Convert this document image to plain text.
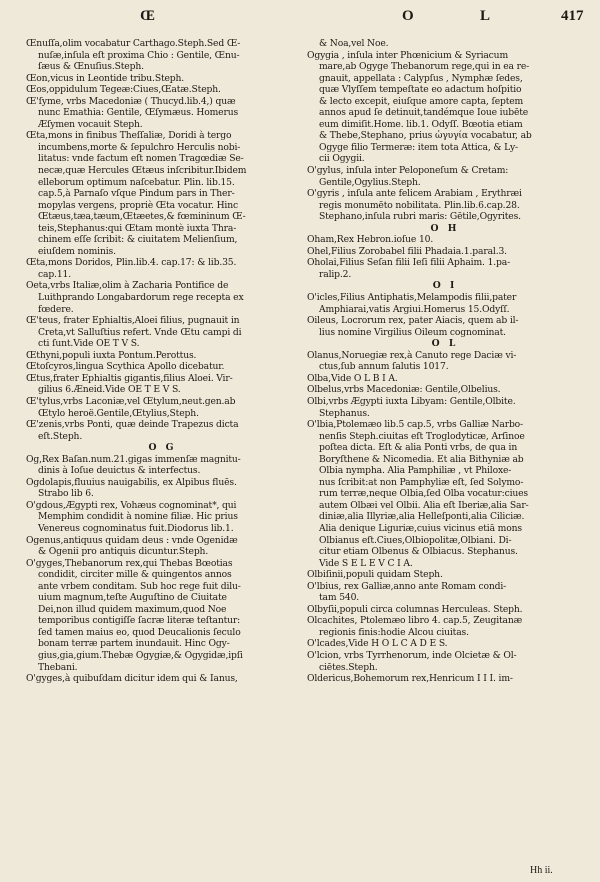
Œ	O	L	417
Œnuſſa,olim vocabatur Carthago.Steph.Sed Œ-
nuſæ,inſula eſt proxima Chio : Gentile, Œnu-
ſæus & Œnuſius.Steph.
Œon,vicus in Leontide tribu.Steph.
Œos,oppidulum Tegeæ:Ciues,Œatæ.Steph.
Œ'ſyme, vrbs Macedoniæ ( Thucyd.lib.4,) quæ
nunc Emathia: Gentile, Œſymæus. Homerus
Æſymen vocauit Steph.
Œta,mons in finibus Theſſaliæ, Doridi à tergo
incumbens,morte & ſepulchro Herculis nobi-
litatus: vnde factum eſt nomen Tragœdiæ Se-
necæ,quæ Hercules Œtæus inſcribitur.Ibidem
elleborum optimum naſcebatur. Plin. lib.15.
cap.5,à Parnaſo vſque Pindum pars in Ther-
mopylas vergens, propriè Œta vocatur. Hinc
Œtæus,tæa,tæum,Œtæetes,& fœmininum Œ-
teis,Stephanus:qui Œtam montè iuxta Thra-
chinem eſſe ſcribit: & ciuitatem Melienſium,
eiuſdem nominis.
Œta,mons Doridos, Plin.lib.4. cap.17: & lib.35.
cap.11.
Oeta,vrbs Italiæ,olim à Zacharia Pontifice de
Luithprando Longabardorum rege recepta ex
fœdere.
Œ'teus, frater Ephialtis,Aloei filius, pugnauit in
Creta,vt Salluſtius refert. Vnde Œtu campi di
cti ſunt.Vide OE T V S.
Œthyni,populi iuxta Pontum.Perottus.
Œtoſcyros,lingua Scythica Apollo dicebatur.
Œtus,frater Ephialtis gigantis,filius Aloei. Vir-
gilius 6.Æneid.Vide OE T E V S.
Œ'tylus,vrbs Laconiæ,vel Œtylum,neut.gen.ab
Œtylo heroë.Gentile,Œtylius,Steph.
Œ'zenis,vrbs Ponti, quæ deinde Trapezus dicta
eſt.Steph.
O G
Og,Rex Baſan.num.21.gigas immenſæ magnitu-
dinis à Ioſue deuictus & interfectus.
Ogdolapis,fluuius nauigabilis, ex Alpibus fluēs.
Strabo lib 6.
O'gdous,Ægypti rex, Vohæus cognominat*, qui
Memphim condidit à nomine filiæ. Hic prius
Venereus cognominatus fuit.Diodorus lib.1.
Ogenus,antiquus quidam deus : vnde Ogenidæ
& Ogenii pro antiquis dicuntur.Steph.
O'gyges,Thebanorum rex,qui Thebas Bœotias
condidit, circiter mille & quingentos annos
ante vrbem conditam. Sub hoc rege fuit dilu-
uium magnum,teſte Auguſtino de Ciuitate
Dei,non illud quidem maximum,quod Noe
temporibus contigiſſe ſacræ literæ teſtantur:
ſed tamen maius eo, quod Deucalionis ſeculo
bonam terræ partem inundauit. Hinc Ogy-
gius,gia,gium.Thebæ Ogygiæ,& Ogygidæ,ipſi
Thebani.
O'gyges,à quibuſdam dicitur idem qui & Ianus,
& Noa,vel Noe.
Ogygia , inſula inter Phœnicium & Syriacum
mare,ab Ogyge Thebanorum rege,qui in ea re-
gnauit, appellata : Calypſus , Nymphæ ſedes,
quæ Vlyſſem tempeſtate eo adactum hoſpitio
& lecto excepit, eiuſque amore capta, ſeptem
annos apud ſe detinuit,tandémque Ioue iubēte
eum dimiſit.Home. lib.1. Odyſſ. Bœotia etiam
& Thebe,Stephano, prius ὠγυγία vocabatur, ab
Ogyge filio Termeræ: item tota Attica, & Ly-
cii Ogygii.
O'gylus, inſula inter Peloponeſum & Cretam:
Gentile,Ogylius.Steph.
O'gyris , inſula ante felicem Arabiam , Erythræi
regis monumēto nobilitata. Plin.lib.6.cap.28.
Stephano,inſula rubri maris: Gētile,Ogyrites.
O H
Oham,Rex Hebron.ioſue 10.
Ohel,Filius Zorobabel filii Phadaia.1.paral.3.
Oholai,Filius Seſan filii Ieſi filii Aphaim. 1.pa-
ralip.2.
O I
O'icles,Filius Antiphatis,Melampodis filii,pater
Amphiarai,vatis Argiui.Homerus 15.Odyſſ.
Oileus, Locrorum rex, pater Aiacis, quem ab il-
lius nomine Virgilius Oileum cognominat.
O L
Olanus,Noruegiæ rex,à Canuto rege Daciæ vi-
ctus,ſub annum ſalutis 1017.
Olba,Vide O L B I A.
Olbelus,vrbs Macedoniæ: Gentile,Olbelius.
Olbi,vrbs Ægypti iuxta Libyam: Gentile,Olbite.
Stephanus.
O'lbia,Ptolemæo lib.5 cap.5, vrbs Galliæ Narbo-
nenſis Steph.ciuitas eſt Troglodyticæ, Arſinoe
poſtea dicta. Eſt & alia Ponti vrbs, de qua in
Boryſthene & Nicomedia. Et alia Bithyniæ ab
Olbia nympha. Alia Pamphiliæ , vt Philoxe-
nus ſcribit:at non Pamphyliæ eſt, ſed Solymo-
rum terræ,neque Olbia,ſed Olba vocatur:ciues
autem Olbæi vel Olbii. Alia eſt Iberiæ,alia Sar-
diniæ,alia Illyriæ,alia Helleſponti,alia Ciliciæ.
Alia denique Liguriæ,cuius vicinus etiā mons
Olbianus eſt.Ciues,Olbiopolitæ,Olbiani. Di-
citur etiam Olbenus & Olbiacus. Stephanus.
Vide S E L E V C I A.
Olbiſinii,populi quidam Steph.
O'lbius, rex Galliæ,anno ante Romam condi-
tam 540.
Olbyſii,populi circa columnas Herculeas. Steph.
Olcachites, Ptolemæo libro 4. cap.5, Zeugitanæ
regionis finis:hodie Alcou ciuitas.
O'lcades,Vide H O L C A D E S.
O'lcion, vrbs Tyrrhenorum, inde Olcietæ & Ol-
ciētes.Steph.
Oldericus,Bohemorum rex,Henricum I I I. im-
Hh ii.
